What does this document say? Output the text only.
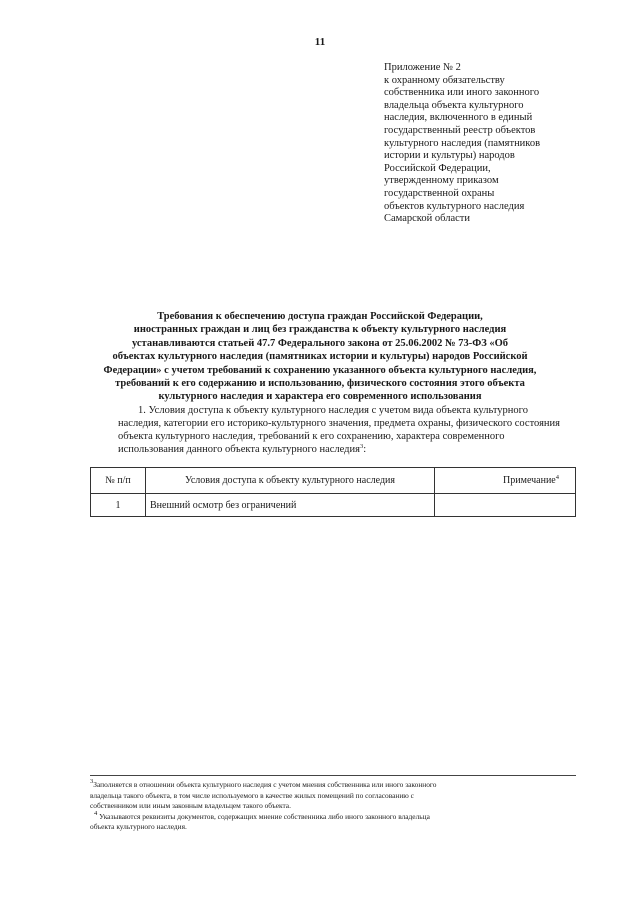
11
Приложение № 2
к охранному обязательству
собственника или иного законного
владельца объекта культурного
наследия, включенного в единый
государственный реестр объектов
культурного наследия (памятников
истории и культуры) народов
Российской Федерации,
утвержденному приказом
государственной охраны
объектов культурного наследия
Самарской области
Требования к обеспечению доступа граждан Российской Федерации,
иностранных граждан и лиц без гражданства к объекту культурного наследия
устанавливаются статьей 47.7 Федерального закона от 25.06.2002 № 73-ФЗ «Об
объектах культурного наследия (памятниках истории и культуры) народов Российской
Федерации» с учетом требований к сохранению указанного объекта культурного наследия,
требований к его содержанию и использованию, физического состояния этого объекта
культурного наследия и характера его современного использования
1. Условия доступа к объекту культурного наследия с учетом вида объекта культурного
наследия, категории его историко-культурного значения, предмета охраны, физического состояния
объекта культурного наследия, требований к его сохранению, характера современного
использования данного объекта культурного наследия$^3$:
№ п/п	Условия доступа к объекту культурного наследия	Примечание$^4$
1	Внешний осмотр без ограничений	
$^3$Заполняется в отношении объекта культурного наследия с учетом мнения собственника или иного законного
владельца такого объекта, в том числе используемого в качестве жилых помещений по согласованию с
собственником или иным законным владельцем такого объекта.
$^4$ Указываются реквизиты документов, содержащих мнение собственника либо иного законного владельца
объекта культурного наследия.
